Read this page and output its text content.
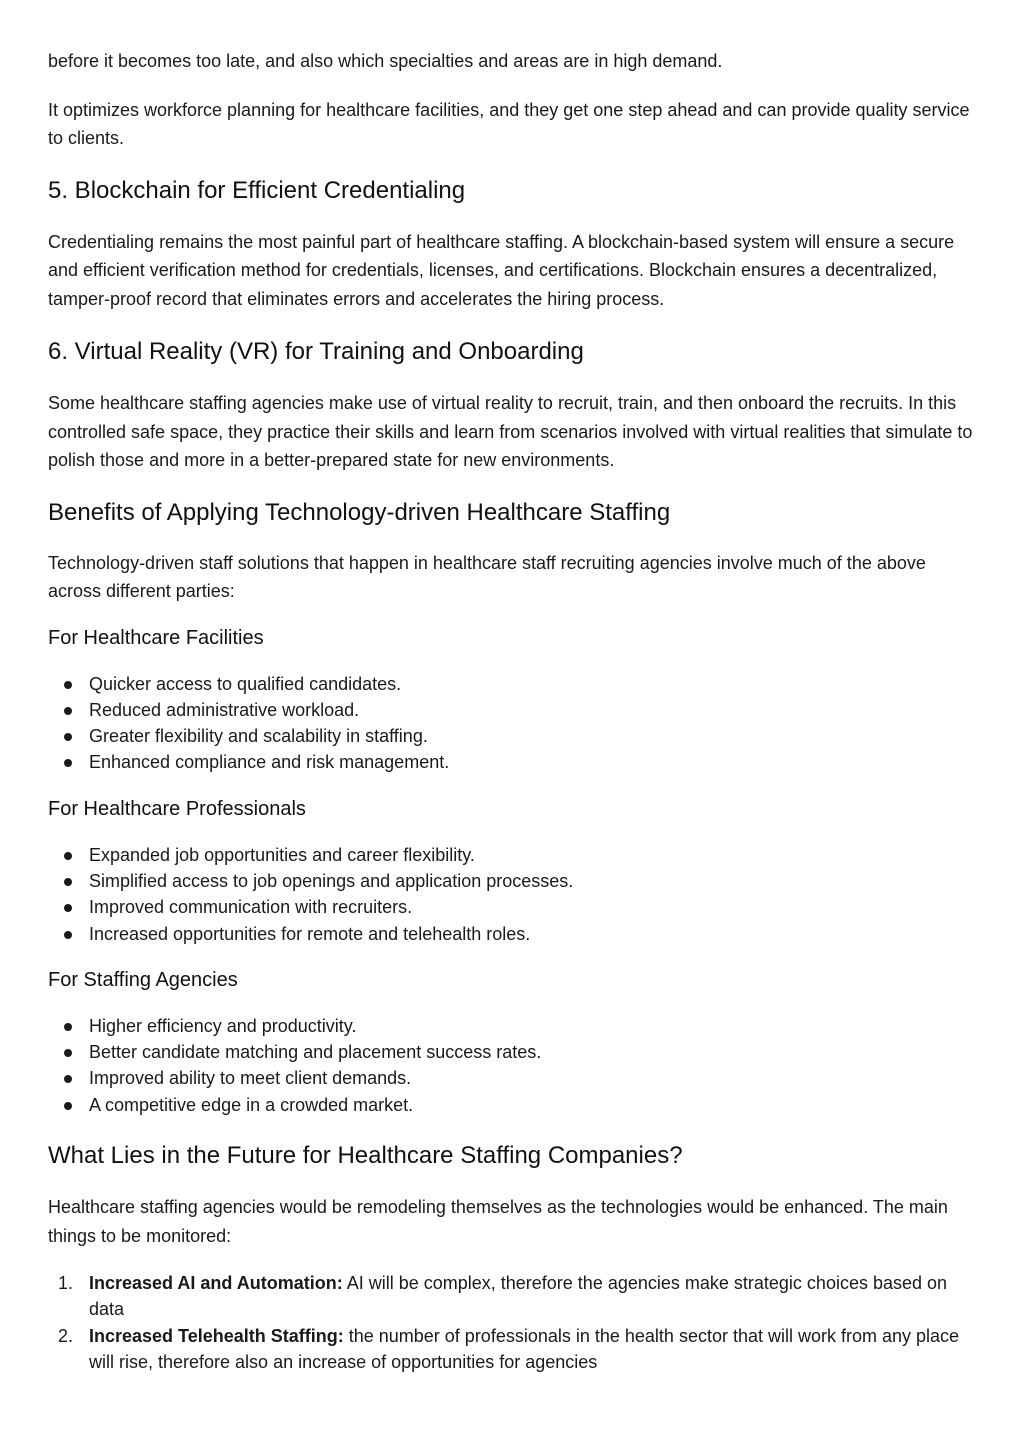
before it becomes too late, and also which specialties and areas are in high demand.

It optimizes workforce planning for healthcare facilities, and they get one step ahead and can provide quality service to clients.

5. Blockchain for Efficient Credentialing

Credentialing remains the most painful part of healthcare staffing. A blockchain-based system will ensure a secure and efficient verification method for credentials, licenses, and certifications. Blockchain ensures a decentralized, tamper-proof record that eliminates errors and accelerates the hiring process.

6. Virtual Reality (VR) for Training and Onboarding

Some healthcare staffing agencies make use of virtual reality to recruit, train, and then onboard the recruits. In this controlled safe space, they practice their skills and learn from scenarios involved with virtual realities that simulate to polish those and more in a better-prepared state for new environments.

Benefits of Applying Technology-driven Healthcare Staffing

Technology-driven staff solutions that happen in healthcare staff recruiting agencies involve much of the above across different parties:

For Healthcare Facilities
Quicker access to qualified candidates.
Reduced administrative workload.
Greater flexibility and scalability in staffing.
Enhanced compliance and risk management.
For Healthcare Professionals
Expanded job opportunities and career flexibility.
Simplified access to job openings and application processes.
Improved communication with recruiters.
Increased opportunities for remote and telehealth roles.
For Staffing Agencies
Higher efficiency and productivity.
Better candidate matching and placement success rates.
Improved ability to meet client demands.
A competitive edge in a crowded market.
What Lies in the Future for Healthcare Staffing Companies?

Healthcare staffing agencies would be remodeling themselves as the technologies would be enhanced. The main things to be monitored:

1. Increased AI and Automation: AI will be complex, therefore the agencies make strategic choices based on data
2. Increased Telehealth Staffing: the number of professionals in the health sector that will work from any place will rise, therefore also an increase of opportunities for agencies
